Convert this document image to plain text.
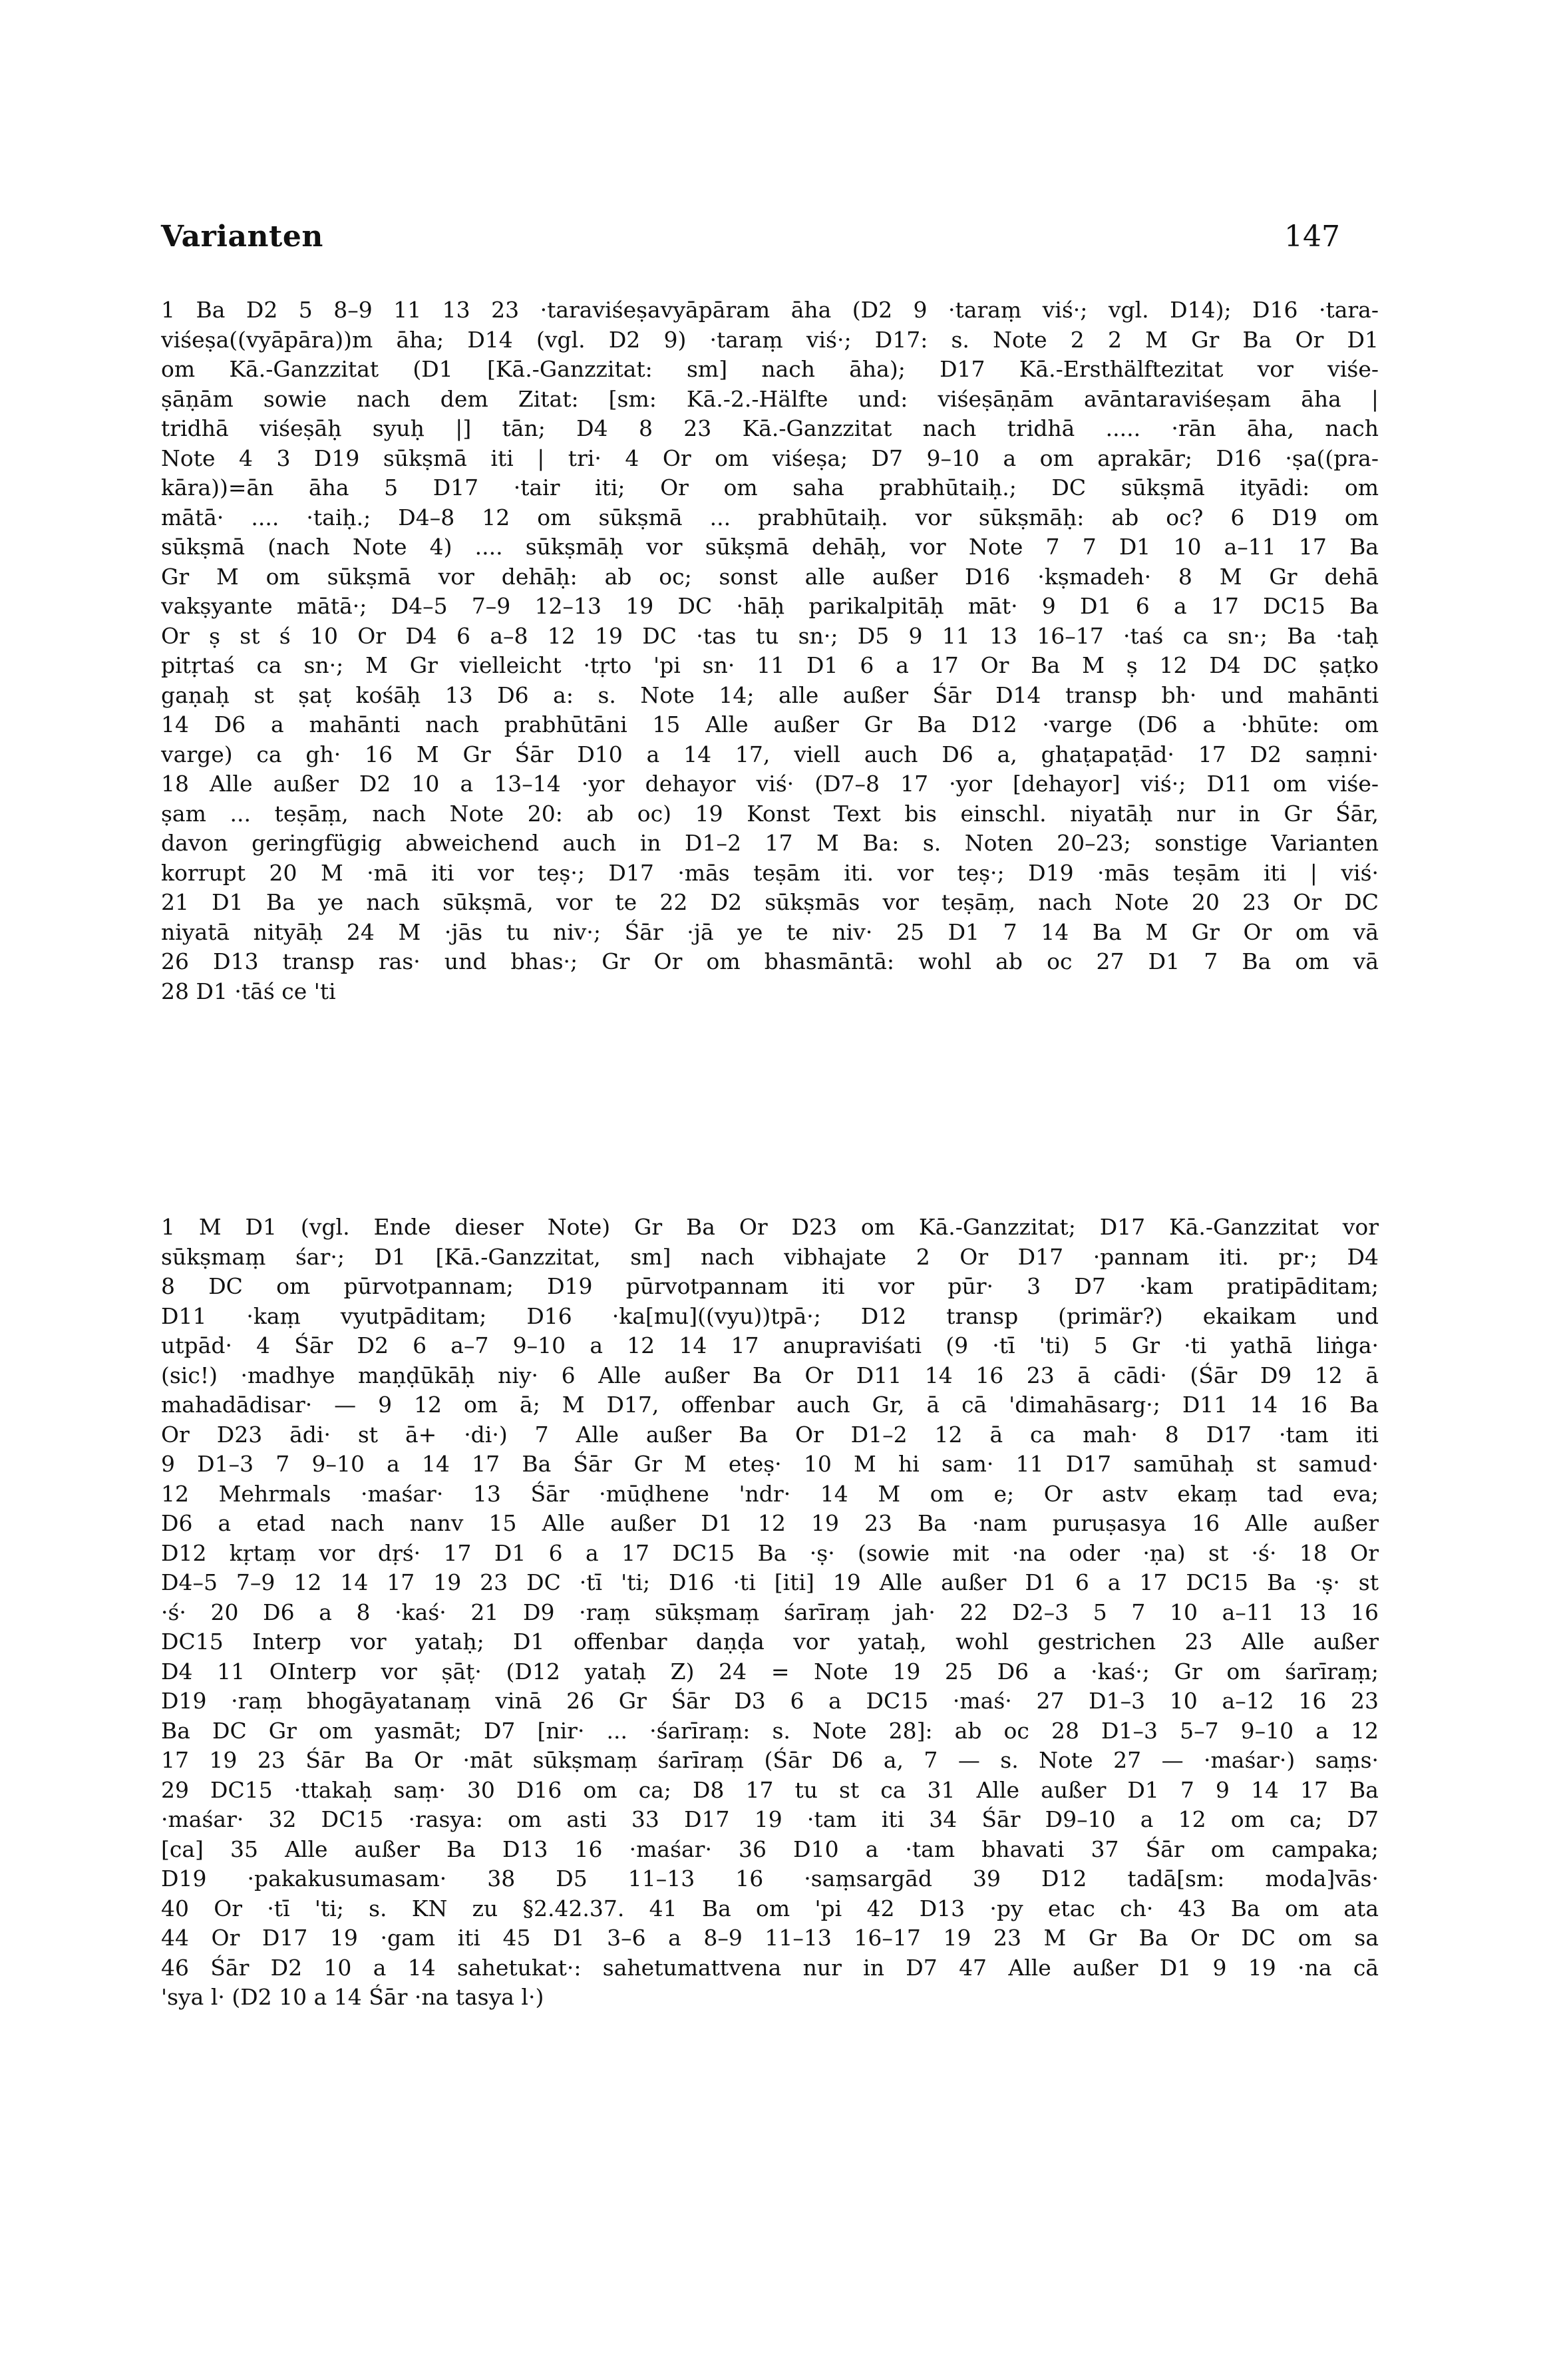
Varianten	147
1 Ba D2 5 8–9 11 13 23 ·taraviśeṣavyāpāram āha (D2 9 ·taraṃ viś·; vgl. D14); D16 ·tara-
viśeṣa((vyāpāra))m āha; D14 (vgl. D2 9) ·taraṃ viś·; D17: s. Note 2 2 M Gr Ba Or D1
om Kā.-Ganzzitat (D1 [Kā.-Ganzzitat: sm] nach āha); D17 Kā.-Ersthälftezitat vor viśe-
ṣāṇām sowie nach dem Zitat: [sm: Kā.-2.-Hälfte und: viśeṣāṇām avāntaraviśeṣam āha |
tridhā viśeṣāḥ syuḥ |] tān; D4 8 23 Kā.-Ganzzitat nach tridhā ..... ·rān āha, nach
Note 4 3 D19 sūkṣmā iti | tri· 4 Or om viśeṣa; D7 9–10 a om aprakār; D16 ·ṣa((pra-
kāra))=ān āha 5 D17 ·tair iti; Or om saha prabhūtaiḥ.; DC sūkṣmā ityādi: om
mātā· .... ·taiḥ.; D4–8 12 om sūkṣmā ... prabhūtaiḥ. vor sūkṣmāḥ: ab oc? 6 D19 om
sūkṣmā (nach Note 4) .... sūkṣmāḥ vor sūkṣmā dehāḥ, vor Note 7 7 D1 10 a–11 17 Ba
Gr M om sūkṣmā vor dehāḥ: ab oc; sonst alle außer D16 ·kṣmadeh· 8 M Gr dehā
vakṣyante mātā·; D4–5 7–9 12–13 19 DC ·hāḥ parikalpitāḥ māt· 9 D1 6 a 17 DC15 Ba
Or ṣ st ś 10 Or D4 6 a–8 12 19 DC ·tas tu sn·; D5 9 11 13 16–17 ·taś ca sn·; Ba ·taḥ
pitṛtaś ca sn·; M Gr vielleicht ·tṛto 'pi sn· 11 D1 6 a 17 Or Ba M ṣ 12 D4 DC ṣaṭko
gaṇaḥ st ṣaṭ kośāḥ 13 D6 a: s. Note 14; alle außer Śār D14 transp bh· und mahānti
14 D6 a mahānti nach prabhūtāni 15 Alle außer Gr Ba D12 ·varge (D6 a ·bhūte: om
varge) ca gh· 16 M Gr Śār D10 a 14 17, viell auch D6 a, ghaṭapaṭād· 17 D2 saṃni·
18 Alle außer D2 10 a 13–14 ·yor dehayor viś· (D7–8 17 ·yor [dehayor] viś·; D11 om viśe-
ṣam ... teṣāṃ, nach Note 20: ab oc) 19 Konst Text bis einschl. niyatāḥ nur in Gr Śār,
davon geringfügig abweichend auch in D1–2 17 M Ba: s. Noten 20–23; sonstige Varianten
korrupt 20 M ·mā iti vor teṣ·; D17 ·mās teṣām iti. vor teṣ·; D19 ·mās teṣām iti | viś·
21 D1 Ba ye nach sūkṣmā, vor te 22 D2 sūkṣmās vor teṣāṃ, nach Note 20 23 Or DC
niyatā nityāḥ 24 M ·jās tu niv·; Śār ·jā ye te niv· 25 D1 7 14 Ba M Gr Or om vā
26 D13 transp ras· und bhas·; Gr Or om bhasmāntā: wohl ab oc 27 D1 7 Ba om vā
28 D1 ·tāś ce 'ti
1 M D1 (vgl. Ende dieser Note) Gr Ba Or D23 om Kā.-Ganzzitat; D17 Kā.-Ganzzitat vor
sūkṣmaṃ śar·; D1 [Kā.-Ganzzitat, sm] nach vibhajate 2 Or D17 ·pannam iti. pr·; D4
8 DC om pūrvotpannam; D19 pūrvotpannam iti vor pūr· 3 D7 ·kam pratipāditam;
D11 ·kaṃ vyutpāditam; D16 ·ka[mu]((vyu))tpā·; D12 transp (primär?) ekaikam und
utpād· 4 Śār D2 6 a–7 9–10 a 12 14 17 anupraviśati (9 ·tī 'ti) 5 Gr ·ti yathā liṅga·
(sic!) ·madhye maṇḍūkāḥ niy· 6 Alle außer Ba Or D11 14 16 23 ā cādi· (Śār D9 12 ā
mahadādisar· — 9 12 om ā; M D17, offenbar auch Gr, ā cā 'dimahāsarg·; D11 14 16 Ba
Or D23 ādi· st ā+ ·di·) 7 Alle außer Ba Or D1–2 12 ā ca mah· 8 D17 ·tam iti
9 D1–3 7 9–10 a 14 17 Ba Śār Gr M eteṣ· 10 M hi sam· 11 D17 samūhaḥ st samud·
12 Mehrmals ·maśar· 13 Śār ·mūḍhene 'ndr· 14 M om e; Or astv ekaṃ tad eva;
D6 a etad nach nanv 15 Alle außer D1 12 19 23 Ba ·nam puruṣasya 16 Alle außer
D12 kṛtaṃ vor dṛś· 17 D1 6 a 17 DC15 Ba ·ṣ· (sowie mit ·na oder ·ṇa) st ·ś· 18 Or
D4–5 7–9 12 14 17 19 23 DC ·tī 'ti; D16 ·ti [iti] 19 Alle außer D1 6 a 17 DC15 Ba ·ṣ· st
·ś· 20 D6 a 8 ·kaś· 21 D9 ·raṃ sūkṣmaṃ śarīraṃ jah· 22 D2–3 5 7 10 a–11 13 16
DC15 Interp vor yataḥ; D1 offenbar daṇḍa vor yataḥ, wohl gestrichen 23 Alle außer
D4 11 OInterp vor ṣāṭ· (D12 yataḥ Z) 24 = Note 19 25 D6 a ·kaś·; Gr om śarīraṃ;
D19 ·raṃ bhogāyatanaṃ vinā 26 Gr Śār D3 6 a DC15 ·maś· 27 D1–3 10 a–12 16 23
Ba DC Gr om yasmāt; D7 [nir· ... ·śarīraṃ: s. Note 28]: ab oc 28 D1–3 5–7 9–10 a 12
17 19 23 Śār Ba Or ·māt sūkṣmaṃ śarīraṃ (Śār D6 a, 7 — s. Note 27 — ·maśar·) saṃs·
29 DC15 ·ttakaḥ saṃ· 30 D16 om ca; D8 17 tu st ca 31 Alle außer D1 7 9 14 17 Ba
·maśar· 32 DC15 ·rasya: om asti 33 D17 19 ·tam iti 34 Śār D9–10 a 12 om ca; D7
[ca] 35 Alle außer Ba D13 16 ·maśar· 36 D10 a ·tam bhavati 37 Śār om campaka;
D19 ·pakakusumasam· 38 D5 11–13 16 ·saṃsargād 39 D12 tadā[sm: moda]vās·
40 Or ·tī 'ti; s. KN zu §2.42.37. 41 Ba om 'pi 42 D13 ·py etac ch· 43 Ba om ata
44 Or D17 19 ·gam iti 45 D1 3–6 a 8–9 11–13 16–17 19 23 M Gr Ba Or DC om sa
46 Śār D2 10 a 14 sahetukat·: sahetumattvena nur in D7 47 Alle außer D1 9 19 ·na cā
'sya l· (D2 10 a 14 Śār ·na tasya l·)
